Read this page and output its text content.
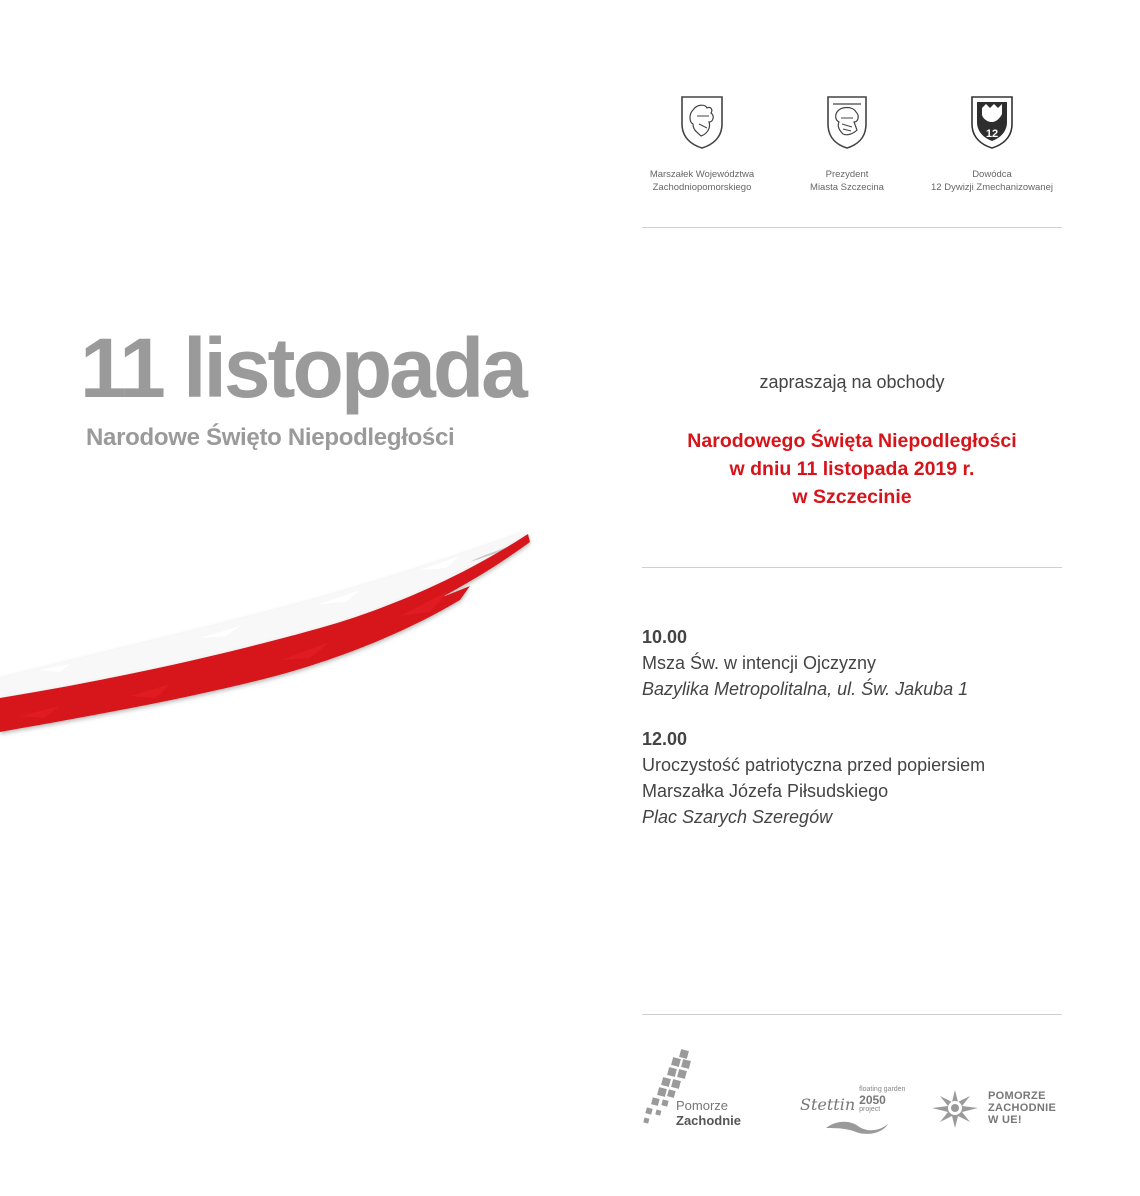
Marszałek Województwa
Zachodniopomorskiego
Prezydent
Miasta Szczecina
12
Dowódca
12 Dywizji Zmechanizowanej
11 listopada
Narodowe Święto Niepodległości
zapraszają na obchody
Narodowego Święta Niepodległości
w dniu 11 listopada 2019 r.
w Szczecinie
10.00
Msza Św. w intencji Ojczyzny
Bazylika Metropolitalna, ul. Św. Jakuba 1
12.00
Uroczystość patriotyczna przed popiersiem
Marszałka Józefa Piłsudskiego
Plac Szarych Szeregów
Pomorze
Zachodnie
Stettin
floating garden
2050
project
POMORZE
ZACHODNIE
W UE!
